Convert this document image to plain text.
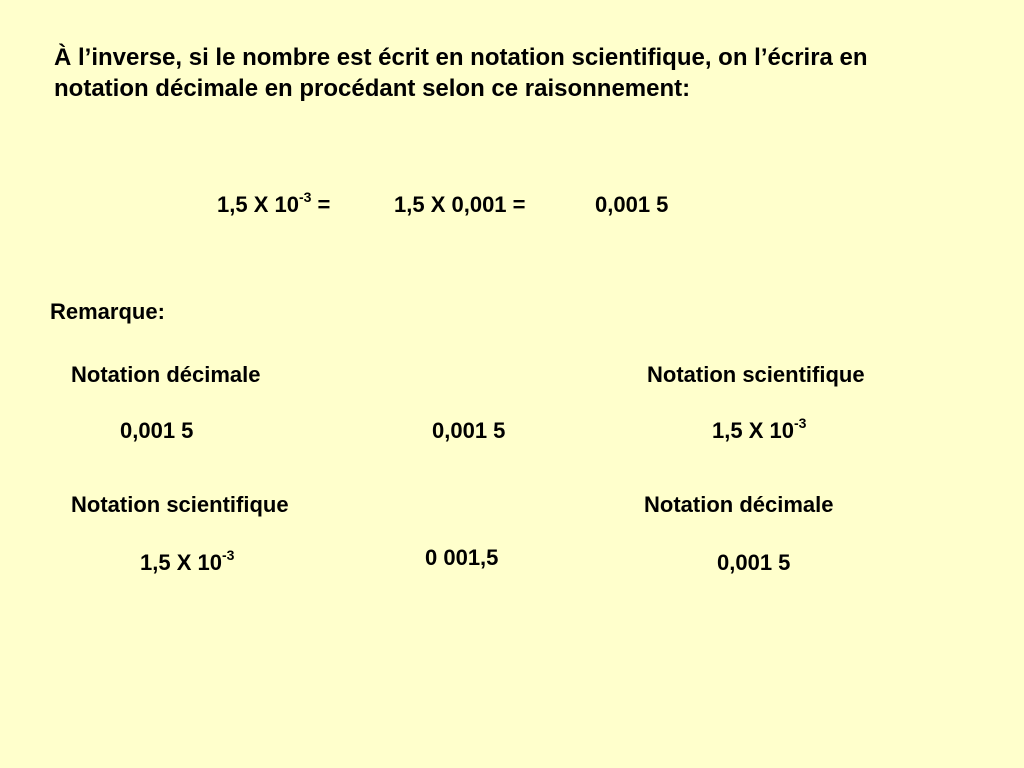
À l’inverse, si le nombre est écrit en notation scientifique, on l’écrira en notation décimale en procédant selon ce raisonnement:
1,5 X $10^{-3}$ =	1,5 X 0,001 =	0,001 5
Remarque:
Notation décimale	Notation scientifique
0,001 5	0,001 5	1,5 X $10^{-3}$
Notation scientifique	Notation décimale
1,5 X $10^{-3}$	0 001,5	0,001 5
